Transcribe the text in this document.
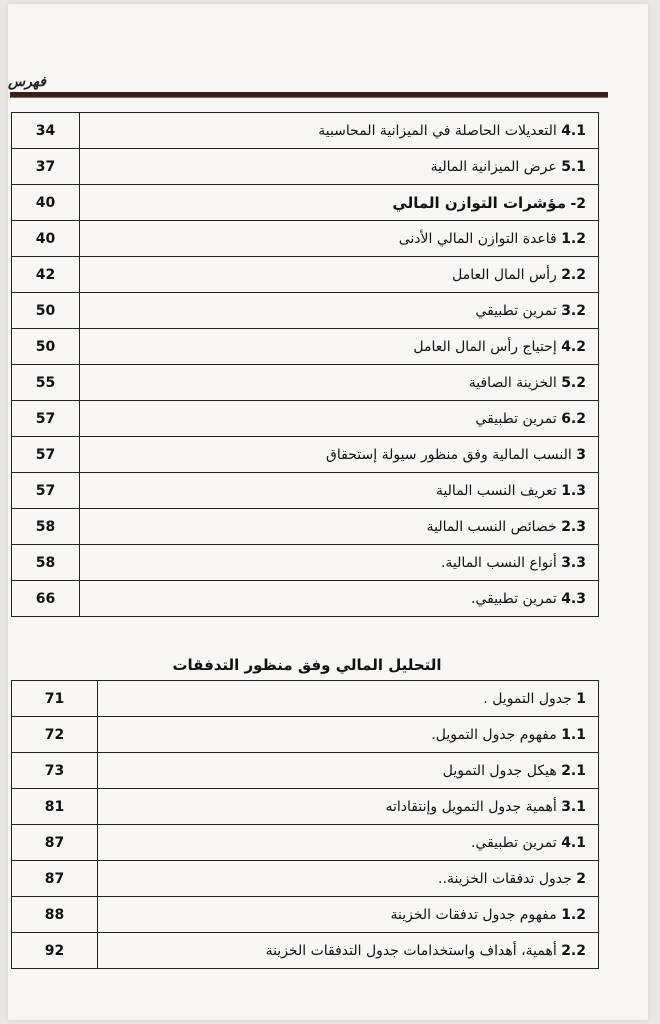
فهرس
34	4.1 التعديلات الحاصلة في الميزانية المحاسبية
37	5.1 عرض الميزانية المالية
40	2- مؤشرات التوازن المالي
40	1.2 قاعدة التوازن المالي الأدنى
42	2.2 رأس المال العامل
50	3.2 تمرين تطبيقي
50	4.2 إحتياج رأس المال العامل
55	5.2 الخزينة الصافية
57	6.2 تمرين تطبيقي
57	3 النسب المالية وفق منظور سيولة إستحقاق
57	1.3 تعريف النسب المالية
58	2.3 خصائص النسب المالية
58	3.3 أنواع النسب المالية.
66	4.3 تمرين تطبيقي.
التحلیل المالي وفق منظور التدفقات
71	1 جدول التمويل .
72	1.1 مفهوم جدول التمويل.
73	2.1 هيكل جدول التمويل
81	3.1 أهمية جدول التمويل وإنتقاداته
87	4.1 تمرين تطبيقي.
87	2 جدول تدفقات الخزينة..
88	1.2 مفهوم جدول تدفقات الخزينة
92	2.2 أهمية، أهداف واستخدامات جدول التدفقات الخزينة
